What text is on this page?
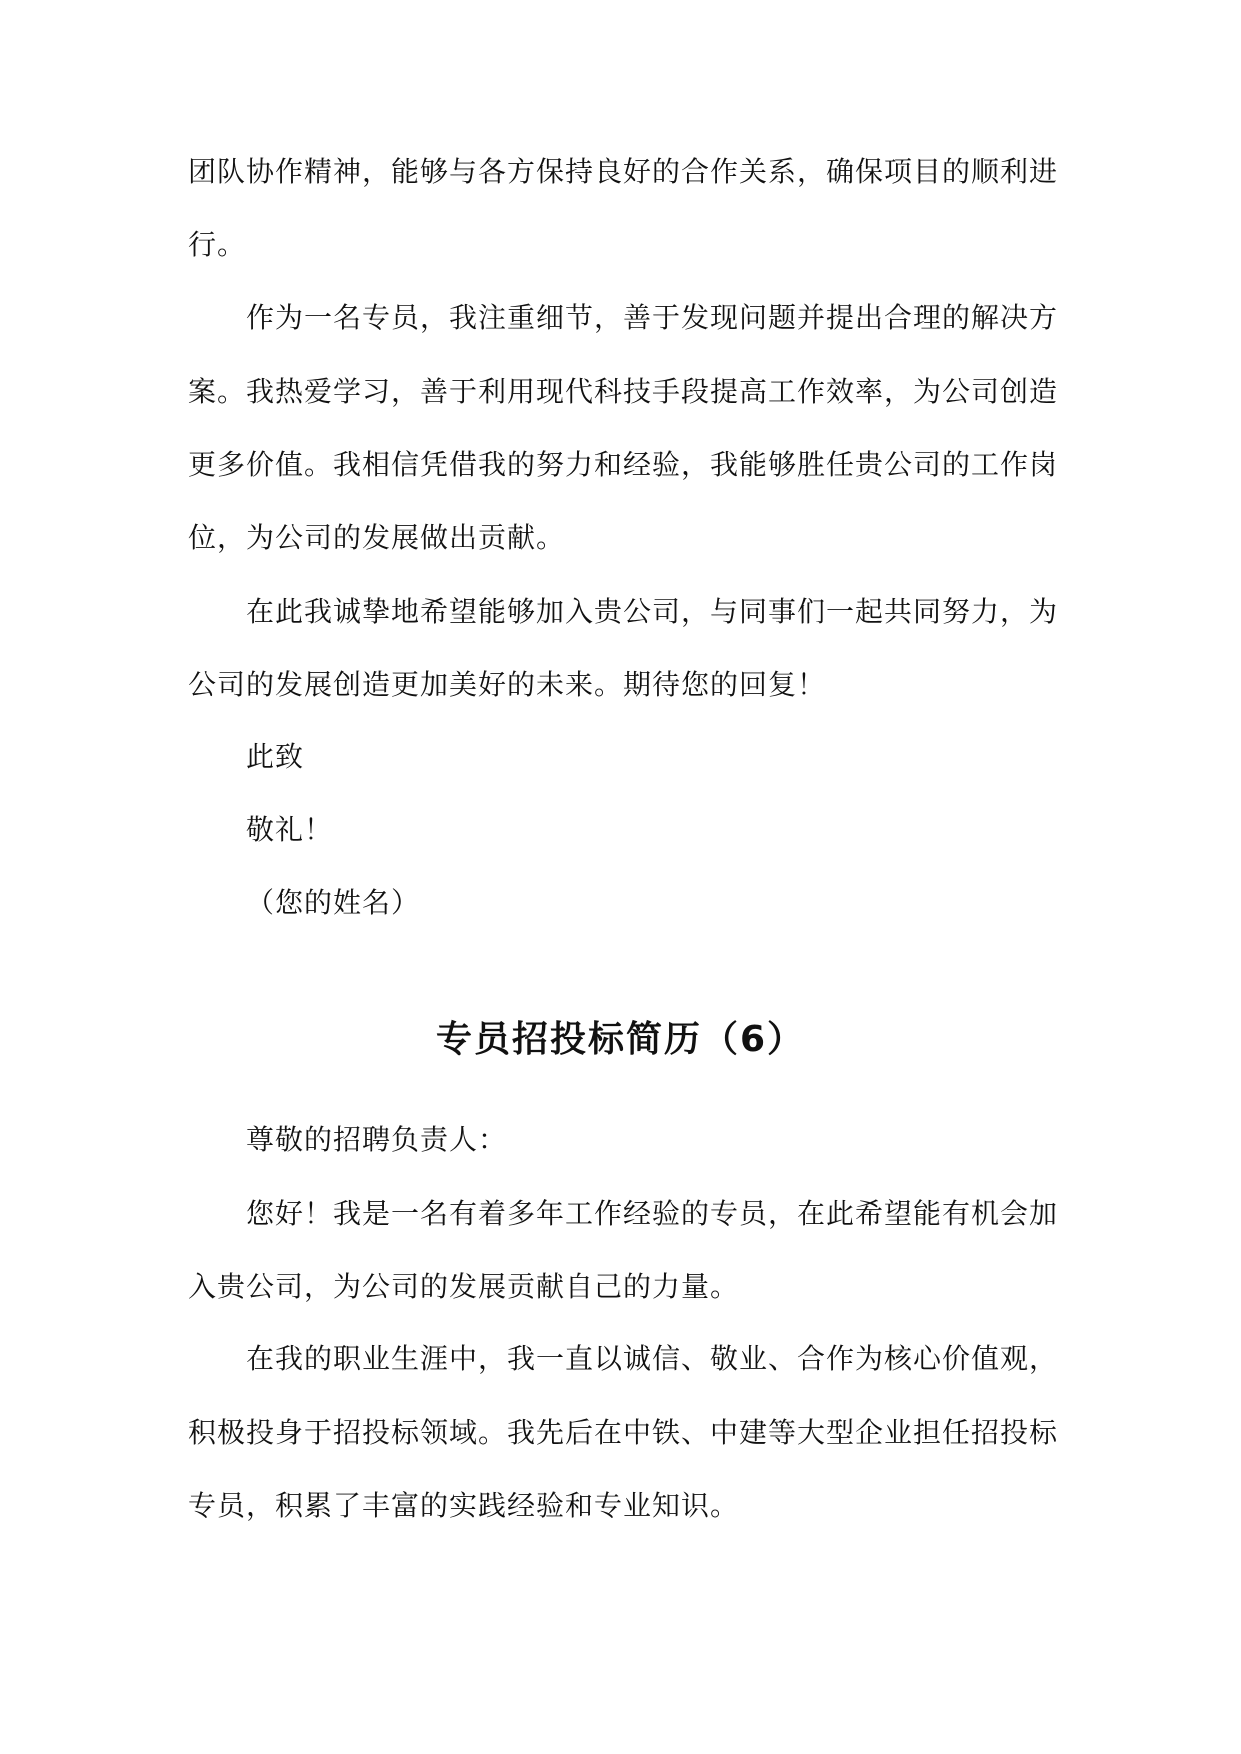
团队协作精神，能够与各方保持良好的合作关系，确保项目的顺利进
行。
作为一名专员，我注重细节，善于发现问题并提出合理的解决方
案。我热爱学习，善于利用现代科技手段提高工作效率，为公司创造
更多价值。我相信凭借我的努力和经验，我能够胜任贵公司的工作岗
位，为公司的发展做出贡献。
在此我诚挚地希望能够加入贵公司，与同事们一起共同努力，为
公司的发展创造更加美好的未来。期待您的回复！
此致
敬礼！
（您的姓名）
专员招投标简历（6）
尊敬的招聘负责人：
您好！我是一名有着多年工作经验的专员，在此希望能有机会加
入贵公司，为公司的发展贡献自己的力量。
在我的职业生涯中，我一直以诚信、敬业、合作为核心价值观，
积极投身于招投标领域。我先后在中铁、中建等大型企业担任招投标
专员，积累了丰富的实践经验和专业知识。
